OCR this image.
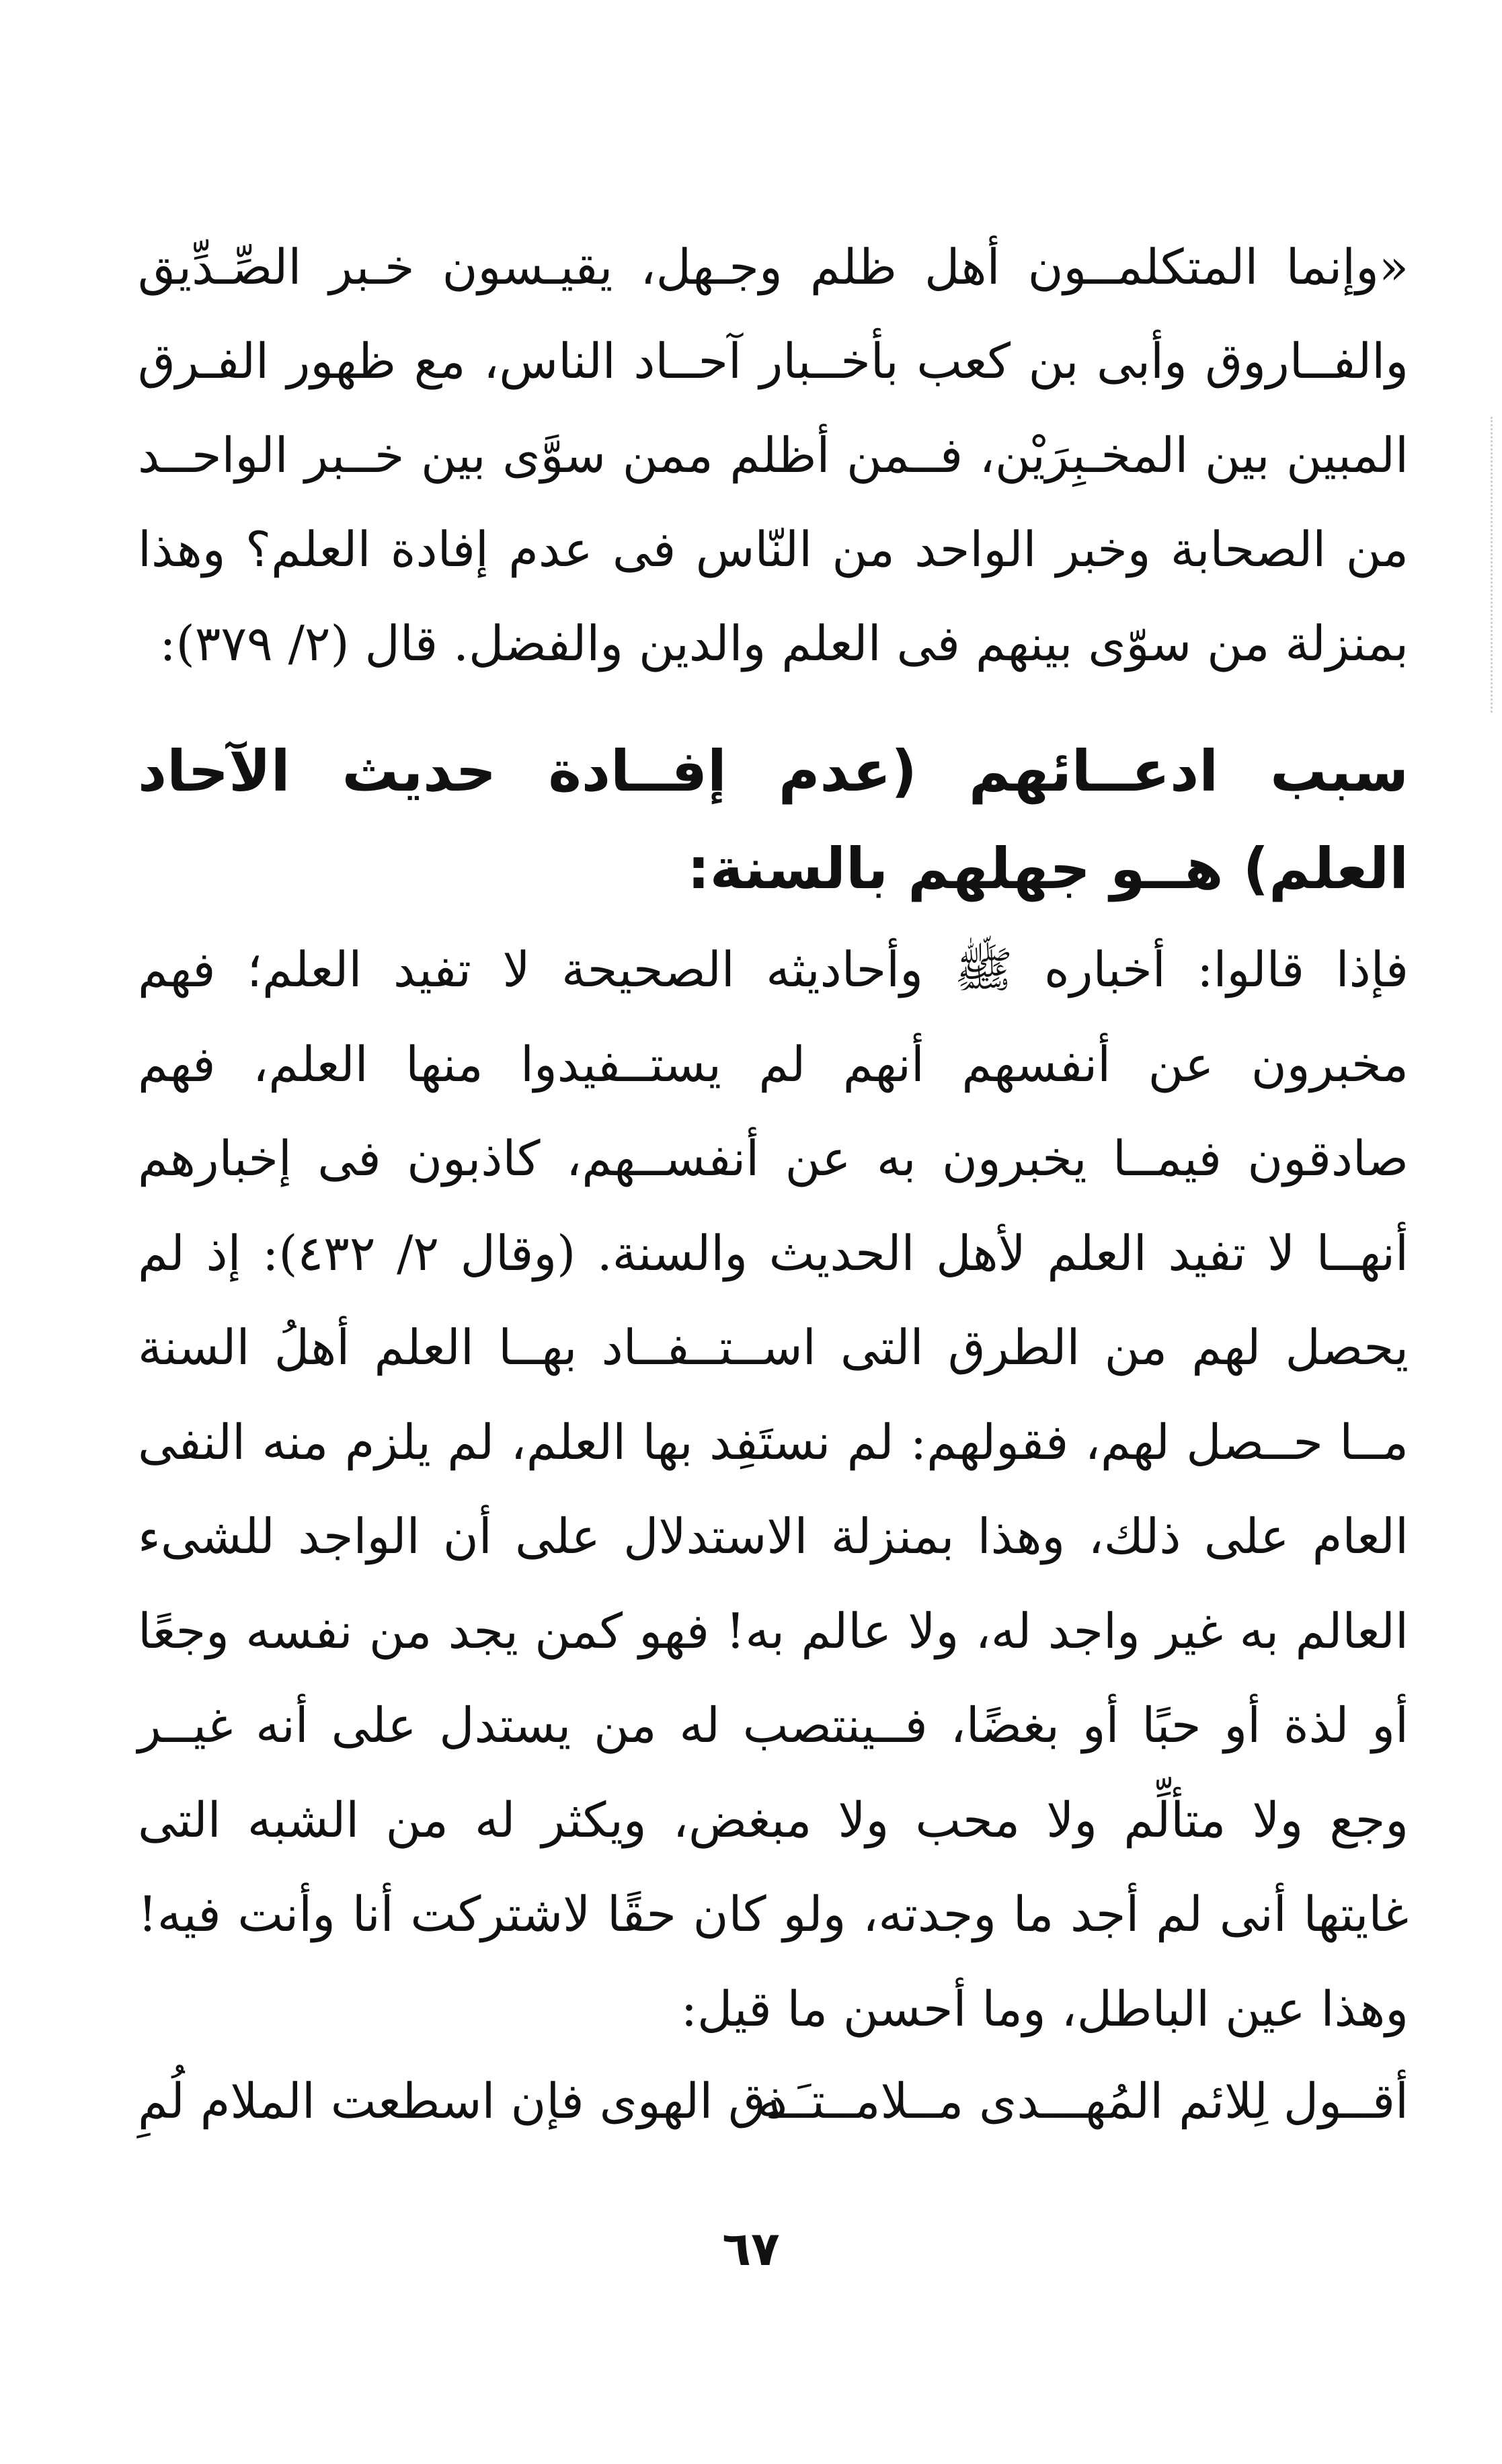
«وإنما المتكلمــون أهل ظلم وجـهل، يقيـسون خـبر الصِّـدِّيق والفــاروق وأبى بن كعب بأخــبار آحــاد الناس، مع ظهور الفـرق المبين بين المخـبِرَيْن، فــمن أظلم ممن سوَّى بين خــبر الواحــد من الصحابة وخبر الواحد من النّاس فى عدم إفادة العلم؟ وهذا بمنزلة من سوّى بينهم فى العلم والدين والفضل. قال (٢/ ٣٧٩):

سبب ادعــائهم (عدم إفــادة حديث الآحاد العلم) هــو جهلهم بالسنة:

فإذا قالوا: أخباره ﷺ وأحاديثه الصحيحة لا تفيد العلم؛ فهم مخبرون عن أنفسهم أنهم لم يستــفيدوا منها العلم، فهم صادقون فيمــا يخبرون به عن أنفســهم، كاذبون فى إخبارهم أنهــا لا تفيد العلم لأهل الحديث والسنة. (وقال ٢/ ٤٣٢): إذ لم يحصل لهم من الطرق التى اســتــفــاد بهــا العلم أهلُ السنة مــا حــصل لهم، فقولهم: لم نستَفِد بها العلم، لم يلزم منه النفى العام على ذلك، وهذا بمنزلة الاستدلال على أن الواجد للشىء العالم به غير واجد له، ولا عالم به! فهو كمن يجد من نفسه وجعًا أو لذة أو حبًا أو بغضًا، فــينتصب له من يستدل على أنه غيــر وجع ولا متألِّم ولا محب ولا مبغض، ويكثر له من الشبه التى غايتها أنى لم أجد ما وجدته، ولو كان حقًا لاشتركت أنا وأنت فيه! وهذا عين الباطل، وما أحسن ما قيل:

أقــول لِلائم المُهـــدى مــلامــتـَـه
ذق الهوى فإن اسطعت الملام لُمِ
٦٧
